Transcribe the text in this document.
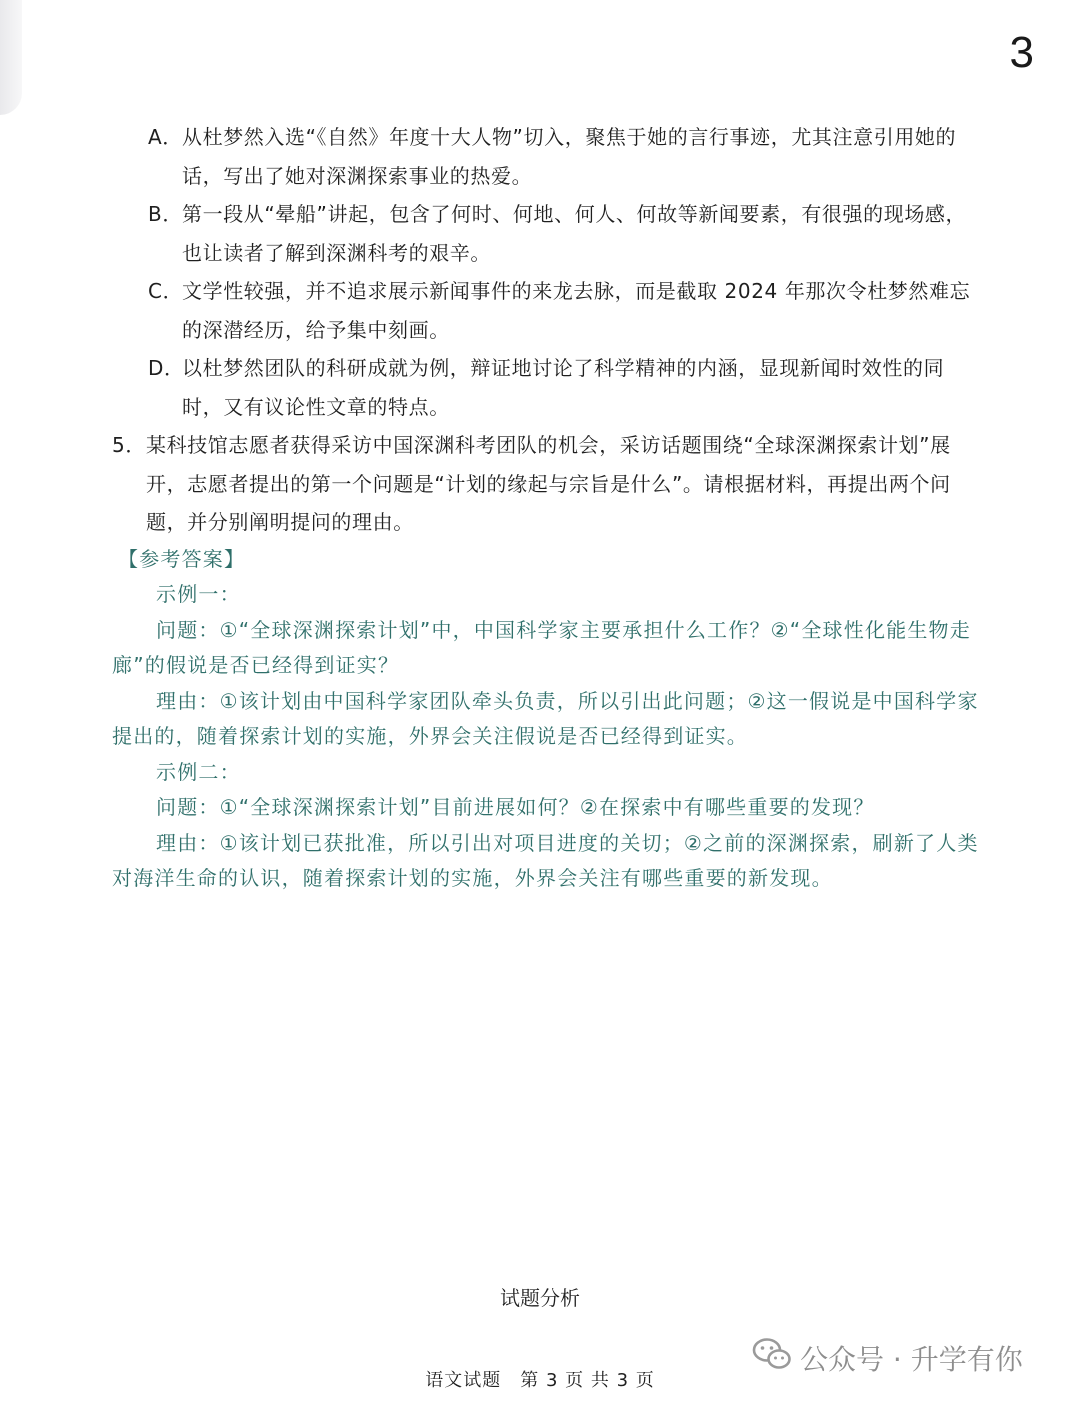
3
A． 从杜梦然入选“《自然》年度十大人物”切入，聚焦于她的言行事迹，尤其注意引用她的话，写出了她对深渊探索事业的热爱。
B． 第一段从“晕船”讲起，包含了何时、何地、何人、何故等新闻要素，有很强的现场感，也让读者了解到深渊科考的艰辛。
C．
文学性较强，并不追求展示新闻事件的来龙去脉，而是截取 2024 年那次令杜梦然难忘的深潜经历，给予集中刻画。
D．
以杜梦然团队的科研成就为例，辩证地讨论了科学精神的内涵，显现新闻时效性的同时，又有议论性文章的特点。
5． 某科技馆志愿者获得采访中国深渊科考团队的机会，采访话题围绕“全球深渊探索计划”展开，志愿者提出的第一个问题是“计划的缘起与宗旨是什么”。请根据材料，再提出两个问题，并分别阐明提问的理由。
【参考答案】
示例一：
问题：①“全球深渊探索计划”中，中国科学家主要承担什么工作？②“全球性化能生物走廊”的假说是否已经得到证实？
理由：①该计划由中国科学家团队牵头负责，所以引出此问题；②这一假说是中国科学家提出的，随着探索计划的实施，外界会关注假说是否已经得到证实。
示例二：
问题：①“全球深渊探索计划”目前进展如何？②在探索中有哪些重要的发现？
理由：①该计划已获批准，所以引出对项目进度的关切；②之前的深渊探索，刷新了人类对海洋生命的认识，随着探索计划的实施，外界会关注有哪些重要的新发现。
试题分析
公众号 · 升学有你
语文试题　第 3 页 共 3 页
